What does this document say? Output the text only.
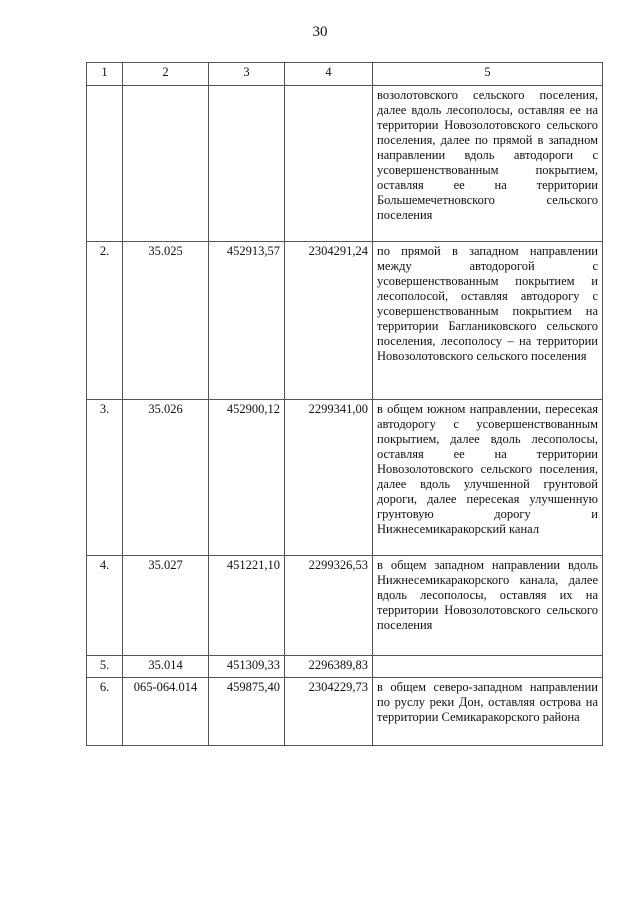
30
1	2	3	4	5
				возолотовского сельского поселения, далее вдоль лесополосы, оставляя ее на территории Новозолотовского сельского поселения, далее по прямой в западном направлении вдоль автодороги с усовершенствованным покрытием, оставляя ее на территории Большемечетновского сельского поселения
2.	35.025	452913,57	2304291,24	по прямой в западном направлении между автодорогой с усовершенствованным покрытием и лесополосой, оставляя автодорогу с усовершенствованным покрытием на территории Багланиковского сельского поселения, лесополосу – на территории Новозолотовского сельского поселения
3.	35.026	452900,12	2299341,00	в общем южном направлении, пересекая автодорогу с усовершенствованным покрытием, далее вдоль лесополосы, оставляя ее на территории Новозолотовского сельского поселения, далее вдоль улучшенной грунтовой дороги, далее пересекая улучшенную грунтовую дорогу и Нижнесемикаракорский канал
4.	35.027	451221,10	2299326,53	в общем западном направлении вдоль Нижнесемикаракорского канала, далее вдоль лесополосы, оставляя их на территории Новозолотовского сельского поселения
5.	35.014	451309,33	2296389,83	
6.	065-064.014	459875,40	2304229,73	в общем северо-западном направлении по руслу реки Дон, оставляя острова на территории Семикаракорского района
